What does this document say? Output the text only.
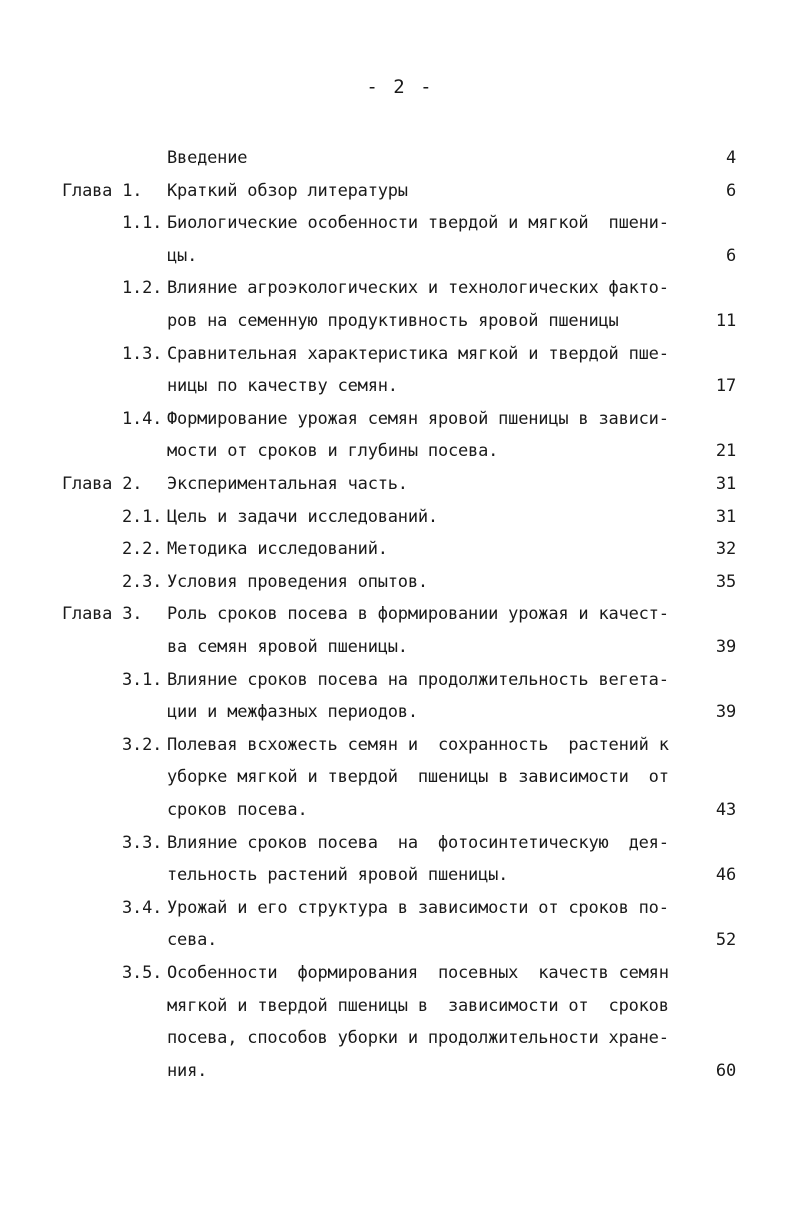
- 2 -
Введение	4
Глава 1. Краткий обзор литературы	6
1.1. Биологические особенности твердой и мягкой  пшени-
цы.	6
1.2. Влияние агроэкологических и технологических факто-
ров на семенную продуктивность яровой пшеницы	11
1.3. Сравнительная характеристика мягкой и твердой пше-
ницы по качеству семян.	17
1.4. Формирование урожая семян яровой пшеницы в зависи-
мости от сроков и глубины посева.	21
Глава 2. Экспериментальная часть.	31
2.1. Цель и задачи исследований.	31
2.2. Методика исследований.	32
2.3. Условия проведения опытов.	35
Глава 3. Роль сроков посева в формировании урожая и качест-
ва семян яровой пшеницы.	39
3.1. Влияние сроков посева на продолжительность вегета-
ции и межфазных периодов.	39
3.2. Полевая всхожесть семян и  сохранность  растений к
уборке мягкой и твердой  пшеницы в зависимости  от
сроков посева.	43
3.3. Влияние сроков посева  на  фотосинтетическую  дея-
тельность растений яровой пшеницы.	46
3.4. Урожай и его структура в зависимости от сроков по-
сева.	52
3.5. Особенности  формирования  посевных  качеств семян
мягкой и твердой пшеницы в  зависимости от  сроков
посева, способов уборки и продолжительности хране-
ния.	60
